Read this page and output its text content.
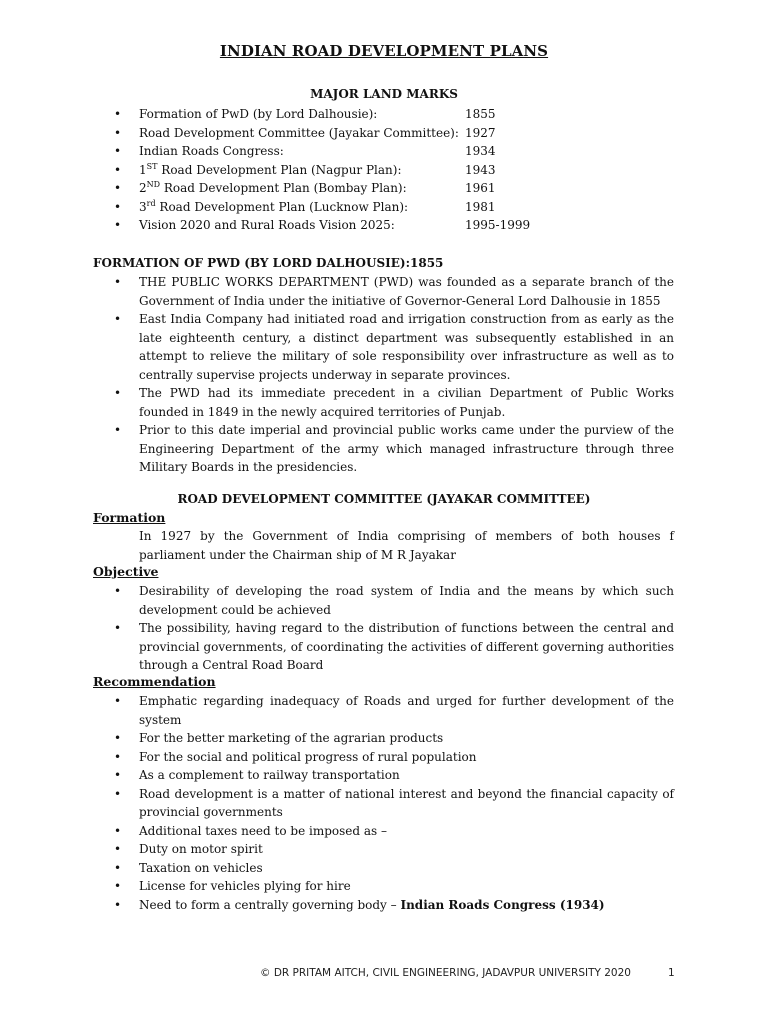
INDIAN ROAD DEVELOPMENT PLANS
MAJOR LAND MARKS
• Formation of PwD (by Lord Dalhousie):	1855
• Road Development Committee (Jayakar Committee): 1927
• Indian Roads Congress:	1934
• 1ST Road Development Plan (Nagpur Plan):	1943
• 2ND Road Development Plan (Bombay Plan):	1961
• 3rd Road Development Plan (Lucknow Plan):	1981
• Vision 2020 and Rural Roads Vision 2025:	1995-1999
FORMATION OF PWD (BY LORD DALHOUSIE):1855
• THE PUBLIC WORKS DEPARTMENT (PWD) was founded as a separate branch of the Government of India under the initiative of Governor-General Lord Dalhousie in 1855
• East India Company had initiated road and irrigation construction from as early as the late eighteenth century, a distinct department was subsequently established in an attempt to relieve the military of sole responsibility over infrastructure as well as to centrally supervise projects underway in separate provinces.
• The PWD had its immediate precedent in a civilian Department of Public Works founded in 1849 in the newly acquired territories of Punjab.
• Prior to this date imperial and provincial public works came under the purview of the Engineering Department of the army which managed infrastructure through three Military Boards in the presidencies.
ROAD DEVELOPMENT COMMITTEE (JAYAKAR COMMITTEE)
Formation
In 1927 by the Government of India comprising of members of both houses f parliament under the Chairman ship of M R Jayakar
Objective
• Desirability of developing the road system of India and the means by which such development could be achieved
• The possibility, having regard to the distribution of functions between the central and provincial governments, of coordinating the activities of different governing authorities through a Central Road Board
Recommendation
• Emphatic regarding inadequacy of Roads and urged for further development of the system
• For the better marketing of the agrarian products
• For the social and political progress of rural population
• As a complement to railway transportation
• Road development is a matter of national interest and beyond the financial capacity of provincial governments
• Additional taxes need to be imposed as –
• Duty on motor spirit
• Taxation on vehicles
• License for vehicles plying for hire
• Need to form a centrally governing body – Indian Roads Congress (1934)
© DR PRITAM AITCH, CIVIL ENGINEERING, JADAVPUR UNIVERSITY 2020	1
